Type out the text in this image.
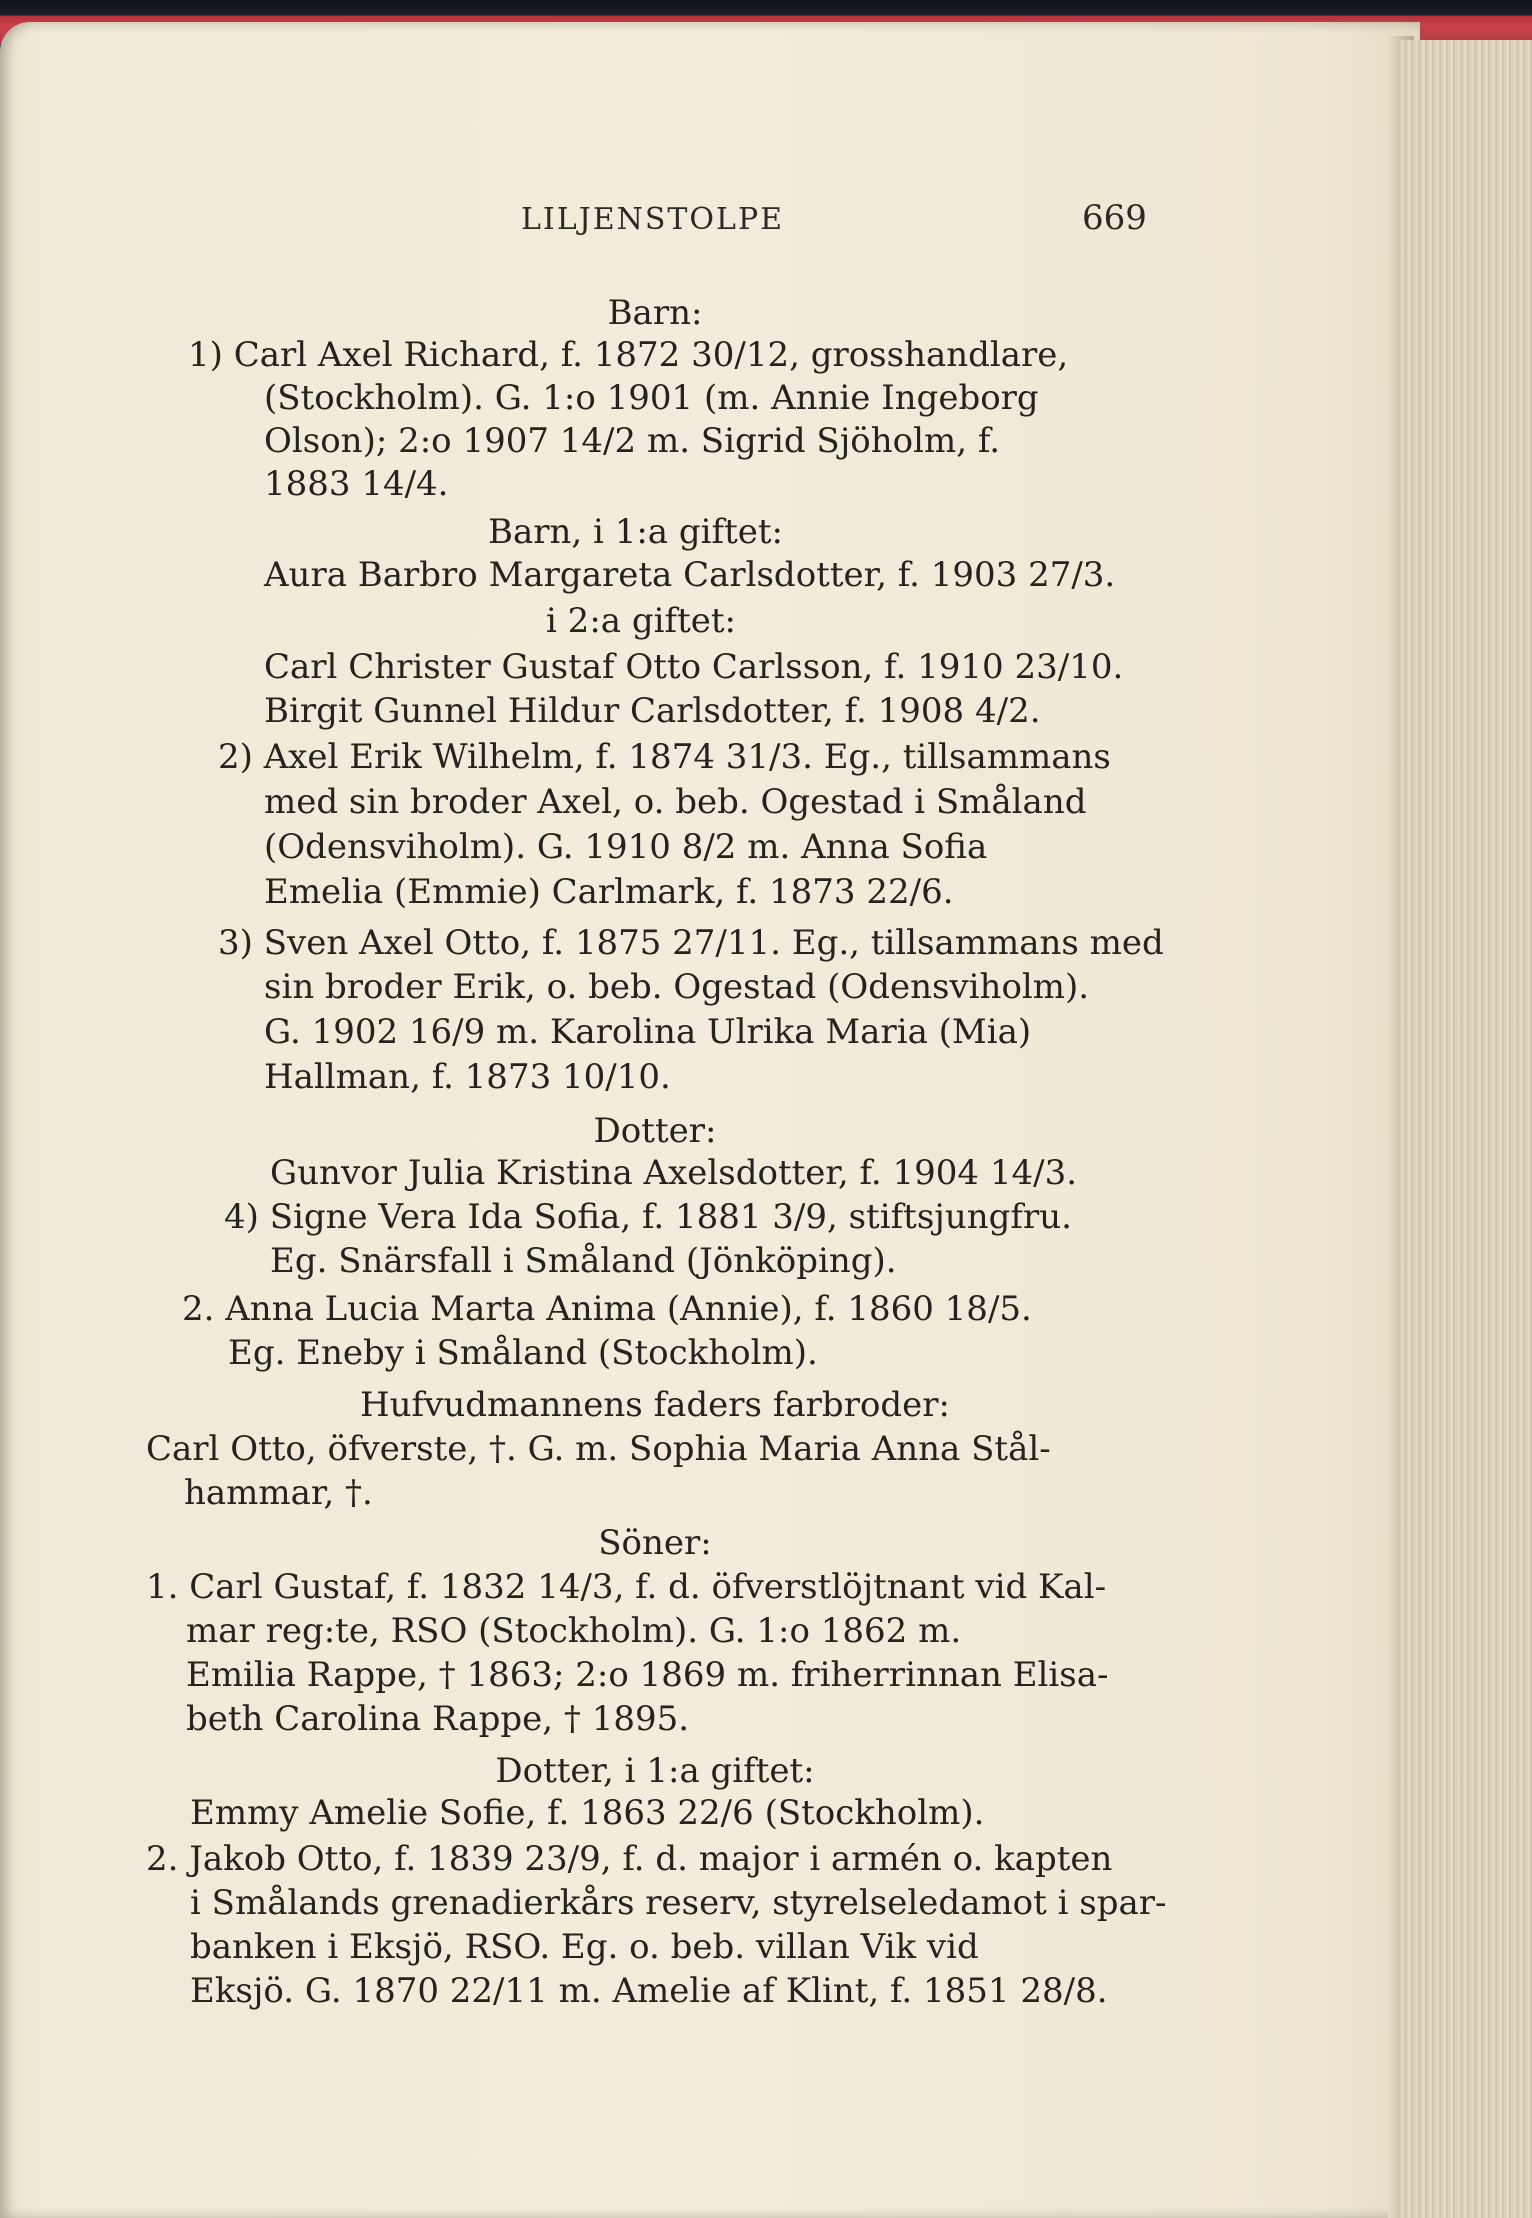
LILJENSTOLPE	669
Barn:
1) Carl Axel Richard, f. 1872 30/12, grosshandlare,
(Stockholm). G. 1:o 1901 (m. Annie Ingeborg
Olson); 2:o 1907 14/2 m. Sigrid Sjöholm, f.
1883 14/4.
Barn, i 1:a giftet:
Aura Barbro Margareta Carlsdotter, f. 1903 27/3.
i 2:a giftet:
Carl Christer Gustaf Otto Carlsson, f. 1910 23/10.
Birgit Gunnel Hildur Carlsdotter, f. 1908 4/2.
2) Axel Erik Wilhelm, f. 1874 31/3. Eg., tillsammans
med sin broder Axel, o. beb. Ogestad i Småland
(Odensviholm). G. 1910 8/2 m. Anna Sofia
Emelia (Emmie) Carlmark, f. 1873 22/6.
3) Sven Axel Otto, f. 1875 27/11. Eg., tillsammans med
sin broder Erik, o. beb. Ogestad (Odensviholm).
G. 1902 16/9 m. Karolina Ulrika Maria (Mia)
Hallman, f. 1873 10/10.
Dotter:
Gunvor Julia Kristina Axelsdotter, f. 1904 14/3.
4) Signe Vera Ida Sofia, f. 1881 3/9, stiftsjungfru.
Eg. Snärsfall i Småland (Jönköping).
2. Anna Lucia Marta Anima (Annie), f. 1860 18/5.
Eg. Eneby i Småland (Stockholm).
Hufvudmannens faders farbroder:
Carl Otto, öfverste, †. G. m. Sophia Maria Anna Stål-
hammar, †.
Söner:
1. Carl Gustaf, f. 1832 14/3, f. d. öfverstlöjtnant vid Kal-
mar reg:te, RSO (Stockholm). G. 1:o 1862 m.
Emilia Rappe, † 1863; 2:o 1869 m. friherrinnan Elisa-
beth Carolina Rappe, † 1895.
Dotter, i 1:a giftet:
Emmy Amelie Sofie, f. 1863 22/6 (Stockholm).
2. Jakob Otto, f. 1839 23/9, f. d. major i armén o. kapten
i Smålands grenadierkårs reserv, styrelseledamot i spar-
banken i Eksjö, RSO. Eg. o. beb. villan Vik vid
Eksjö. G. 1870 22/11 m. Amelie af Klint, f. 1851 28/8.
